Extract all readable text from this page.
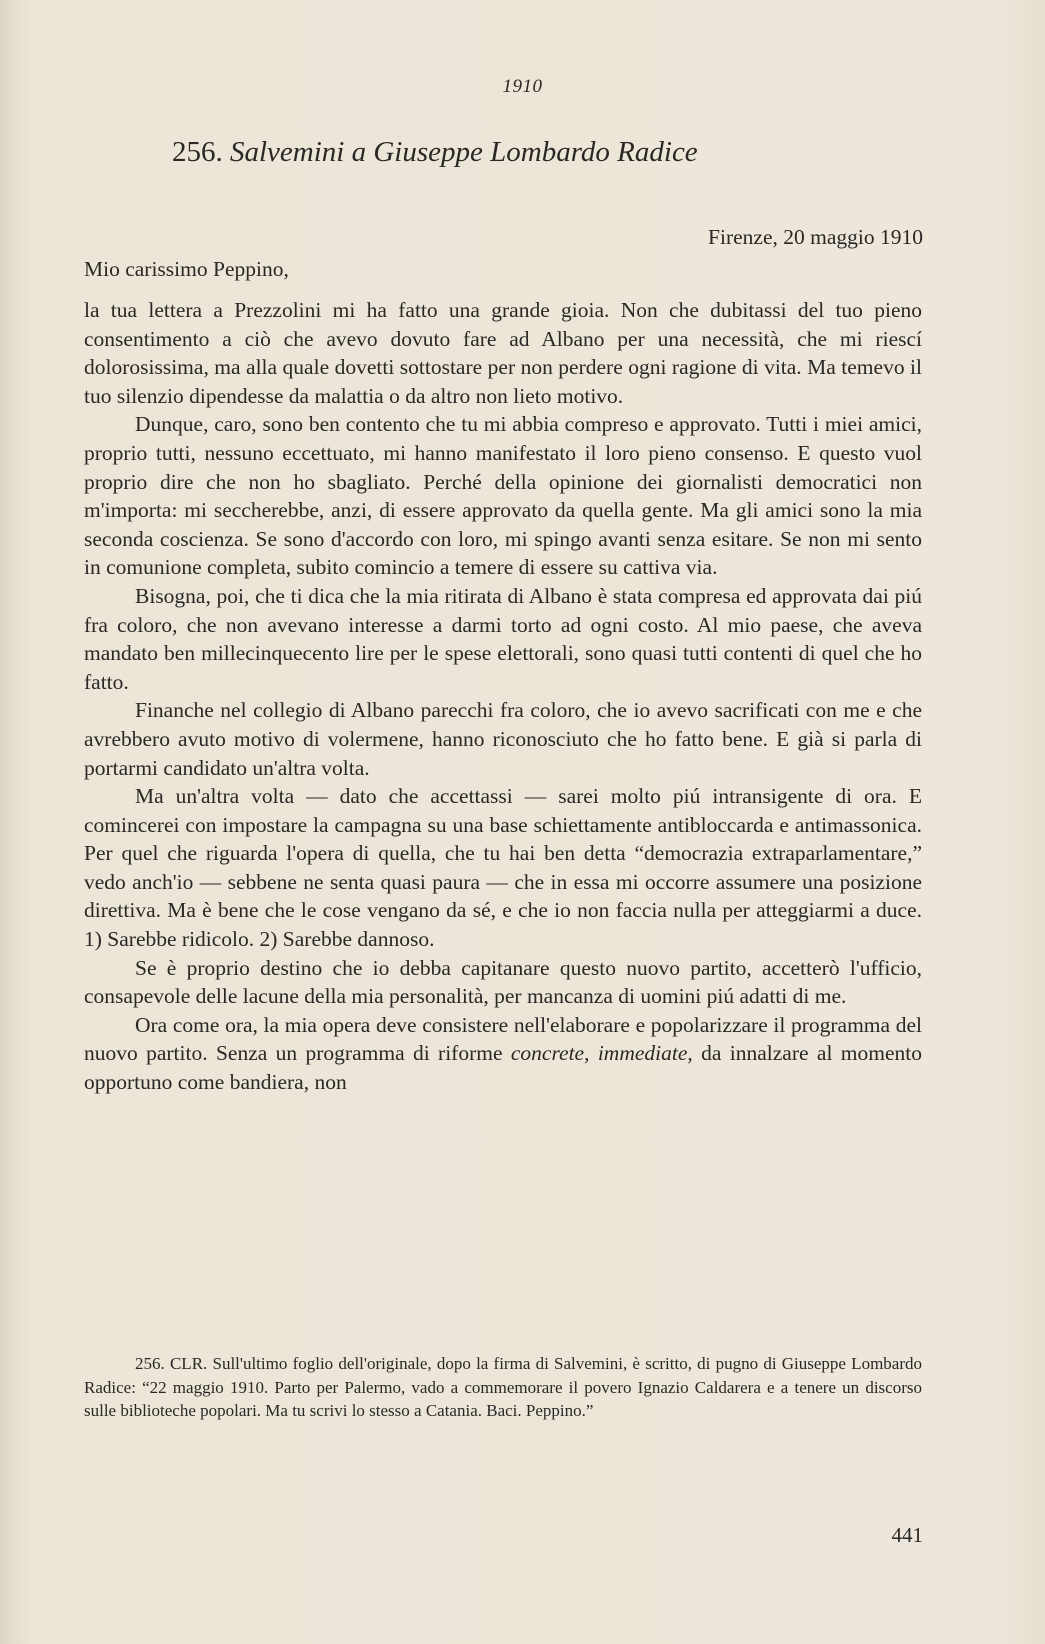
1910
256. Salvemini a Giuseppe Lombardo Radice
Firenze, 20 maggio 1910
Mio carissimo Peppino,

la tua lettera a Prezzolini mi ha fatto una grande gioia. Non che dubitassi del tuo pieno consentimento a ciò che avevo dovuto fare ad Albano per una necessità, che mi riescí dolorosissima, ma alla quale dovetti sottostare per non perdere ogni ragione di vita. Ma temevo il tuo silenzio dipendesse da malattia o da altro non lieto motivo.

Dunque, caro, sono ben contento che tu mi abbia compreso e approvato. Tutti i miei amici, proprio tutti, nessuno eccettuato, mi hanno manifestato il loro pieno consenso. E questo vuol proprio dire che non ho sbagliato. Perché della opinione dei giornalisti democratici non m'importa: mi seccherebbe, anzi, di essere approvato da quella gente. Ma gli amici sono la mia seconda coscienza. Se sono d'accordo con loro, mi spingo avanti senza esitare. Se non mi sento in comunione completa, subito comincio a temere di essere su cattiva via.

Bisogna, poi, che ti dica che la mia ritirata di Albano è stata compresa ed approvata dai piú fra coloro, che non avevano interesse a darmi torto ad ogni costo. Al mio paese, che aveva mandato ben millecinquecento lire per le spese elettorali, sono quasi tutti contenti di quel che ho fatto.

Finanche nel collegio di Albano parecchi fra coloro, che io avevo sacrificati con me e che avrebbero avuto motivo di volermene, hanno riconosciuto che ho fatto bene. E già si parla di portarmi candidato un'altra volta.

Ma un'altra volta — dato che accettassi — sarei molto piú intransigente di ora. E comincerei con impostare la campagna su una base schiettamente antibloccarda e antimassonica. Per quel che riguarda l'opera di quella, che tu hai ben detta “democrazia extraparlamentare,” vedo anch'io — sebbene ne senta quasi paura — che in essa mi occorre assumere una posizione direttiva. Ma è bene che le cose vengano da sé, e che io non faccia nulla per atteggiarmi a duce. 1) Sarebbe ridicolo. 2) Sarebbe dannoso.

Se è proprio destino che io debba capitanare questo nuovo partito, accetterò l'ufficio, consapevole delle lacune della mia personalità, per mancanza di uomini piú adatti di me.

Ora come ora, la mia opera deve consistere nell'elaborare e popolarizzare il programma del nuovo partito. Senza un programma di riforme concrete, immediate, da innalzare al momento opportuno come bandiera, non

256. CLR. Sull'ultimo foglio dell'originale, dopo la firma di Salvemini, è scritto, di pugno di Giuseppe Lombardo Radice: “22 maggio 1910. Parto per Palermo, vado a commemorare il povero Ignazio Caldarera e a tenere un discorso sulle biblioteche popolari. Ma tu scrivi lo stesso a Catania. Baci. Peppino.”

441
